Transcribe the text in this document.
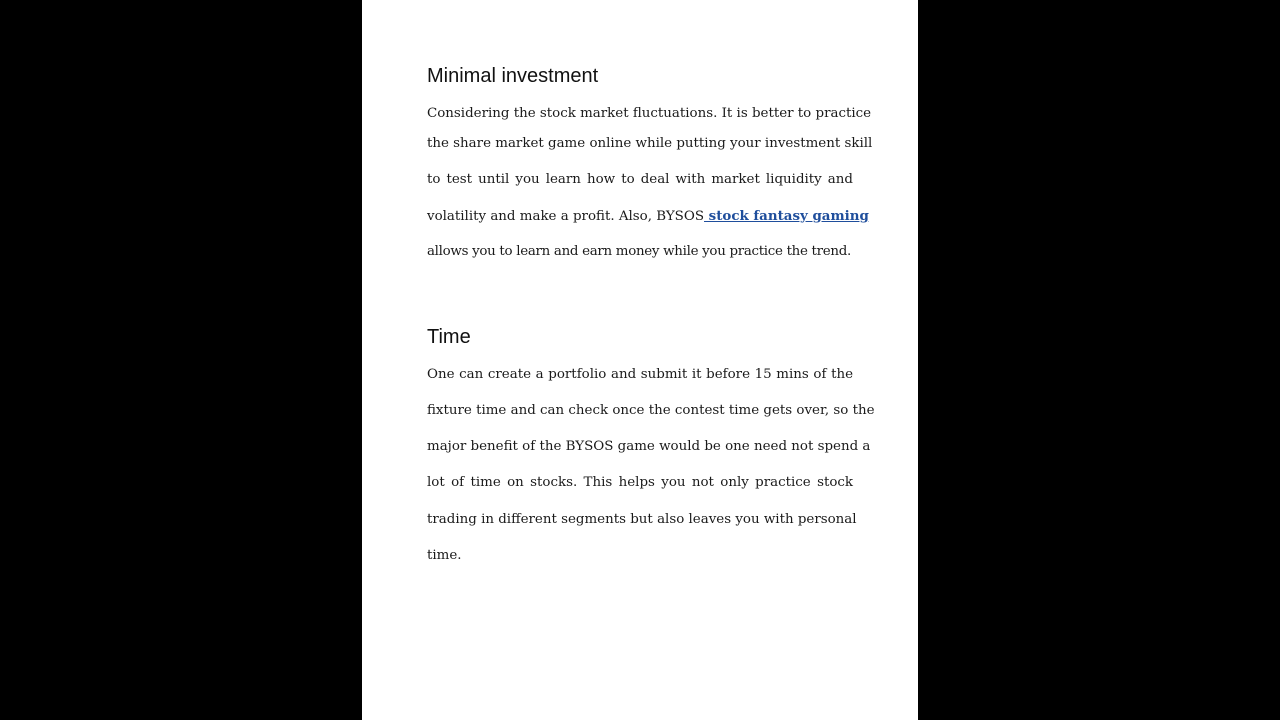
Minimal investment
Considering the stock market fluctuations. It is better to practice
the share market game online while putting your investment skill
to test until you learn how to deal with market liquidity and
volatility and make a profit. Also, BYSOS stock fantasy gaming
allows you to learn and earn money while you practice the trend.
Time
One can create a portfolio and submit it before 15 mins of the
fixture time and can check once the contest time gets over, so the
major benefit of the BYSOS game would be one need not spend a
lot of time on stocks. This helps you not only practice stock
trading in different segments but also leaves you with personal
time.
